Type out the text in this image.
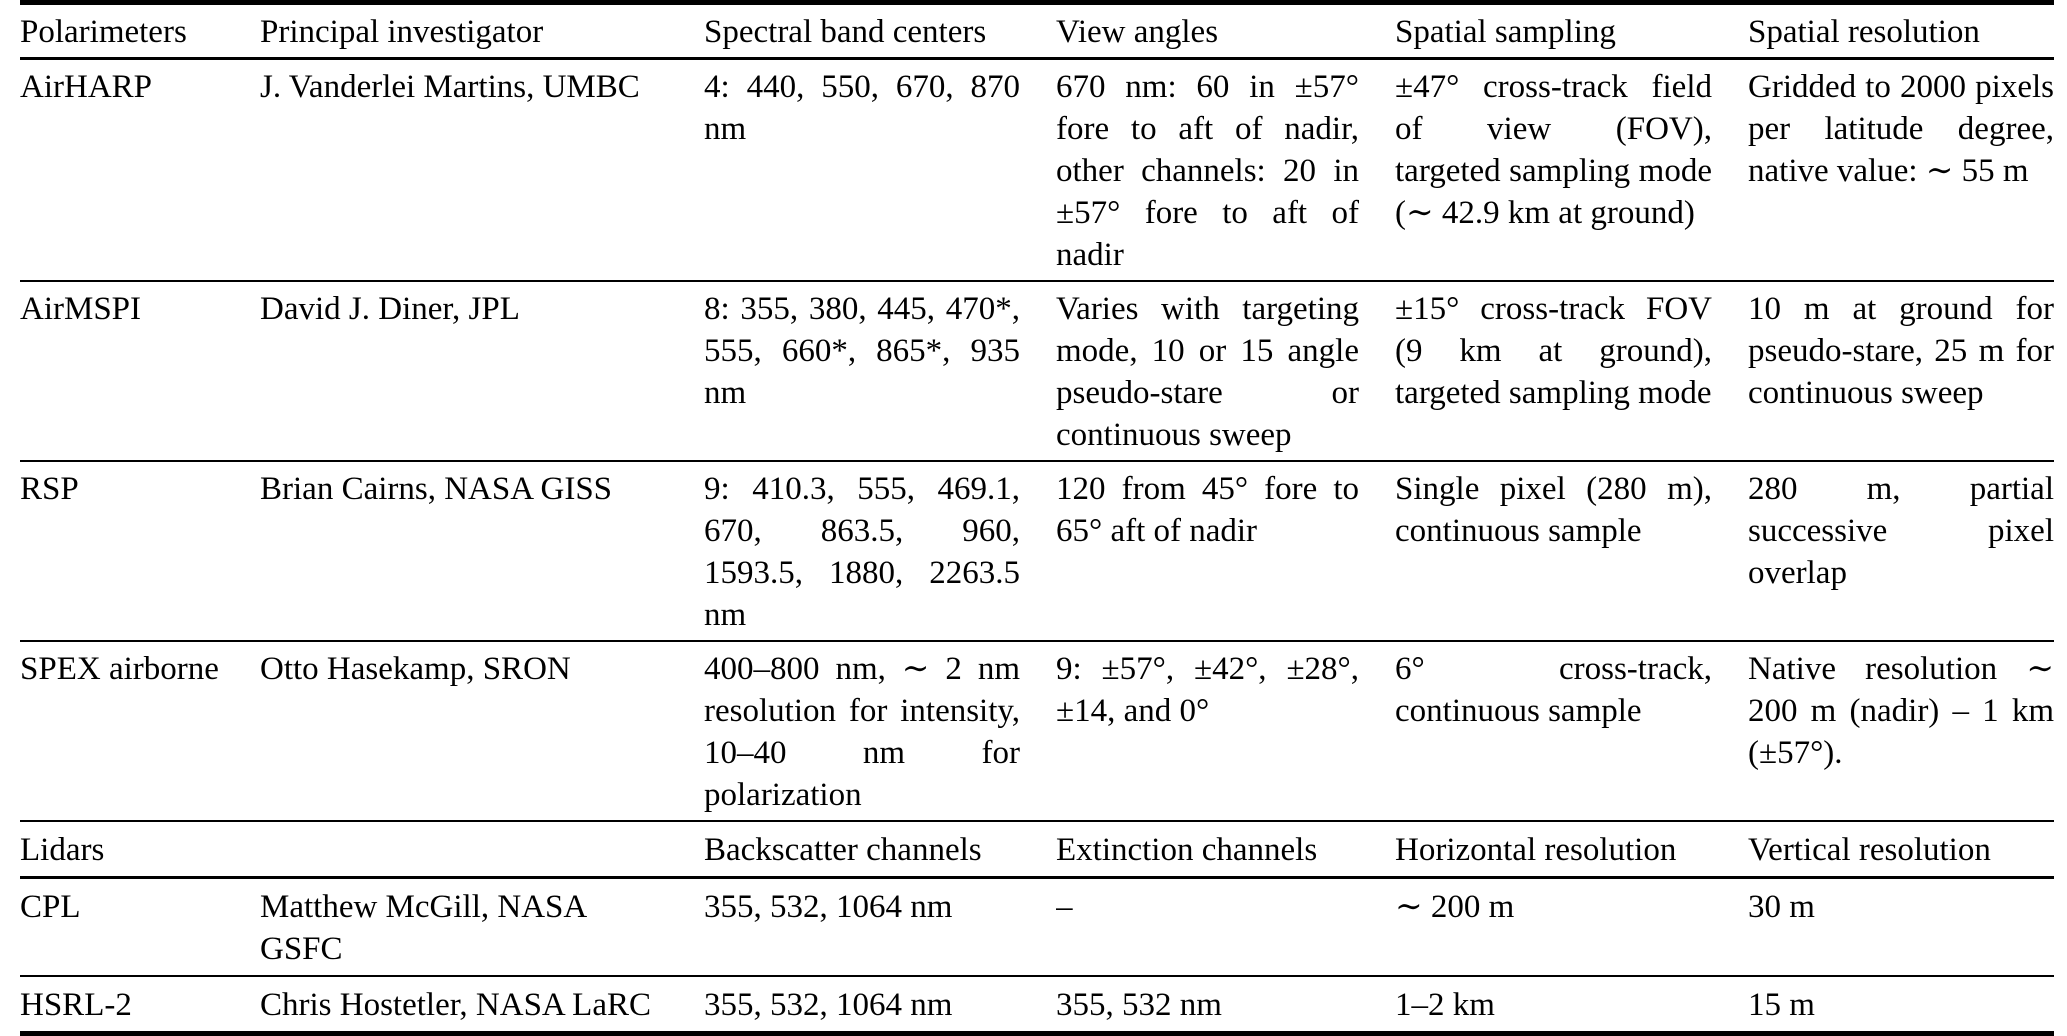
Polarimeters	Principal investigator	Spectral band centers	View angles	Spatial sampling	Spatial resolution
AirHARP	J. Vanderlei Martins, UMBC	4: 440, 550, 670, 870 nm	670 nm: 60 in ±57° fore to aft of nadir, other channels: 20 in ±57° fore to aft of nadir	±47° cross-track field of view (FOV), targeted sampling mode (∼ 42.9 km at ground)	Gridded to 2000 pixels per latitude degree, native value: ∼ 55 m
AirMSPI	David J. Diner, JPL	8: 355, 380, 445, 470*, 555, 660*, 865*, 935 nm	Varies with targeting mode, 10 or 15 angle pseudo-stare or continuous sweep	±15° cross-track FOV (9 km at ground), targeted sampling mode	10 m at ground for pseudo-stare, 25 m for continuous sweep
RSP	Brian Cairns, NASA GISS	9: 410.3, 555, 469.1, 670, 863.5, 960, 1593.5, 1880, 2263.5 nm	120 from 45° fore to 65° aft of nadir	Single pixel (280 m), continuous sample	280 m, partial successive pixel overlap
SPEX airborne	Otto Hasekamp, SRON	400–800 nm, ∼ 2 nm resolution for intensity, 10–40 nm for polarization	9: ±57°, ±42°, ±28°, ±14, and 0°	6° cross-track, continuous sample	Native resolution ∼ 200 m (nadir) – 1 km (±57°).
Lidars		Backscatter channels	Extinction channels	Horizontal resolution	Vertical resolution
CPL	Matthew McGill, NASA GSFC	355, 532, 1064 nm	–	∼ 200 m	30 m
HSRL-2	Chris Hostetler, NASA LaRC	355, 532, 1064 nm	355, 532 nm	1–2 km	15 m
